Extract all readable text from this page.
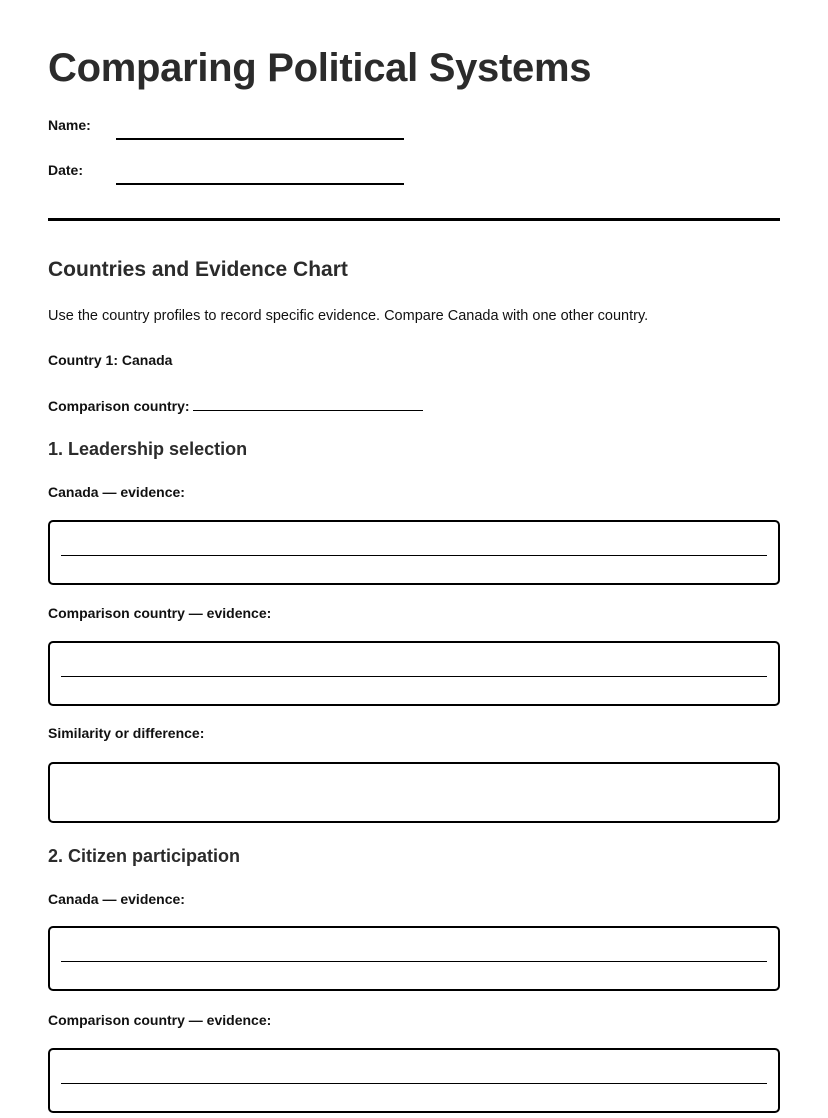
Comparing Political Systems
Name:
Date:
Countries and Evidence Chart
Use the country profiles to record specific evidence. Compare Canada with one other country.
Country 1: Canada
Comparison country:
1. Leadership selection
Canada — evidence:
Comparison country — evidence:
Similarity or difference:
2. Citizen participation
Canada — evidence:
Comparison country — evidence:
